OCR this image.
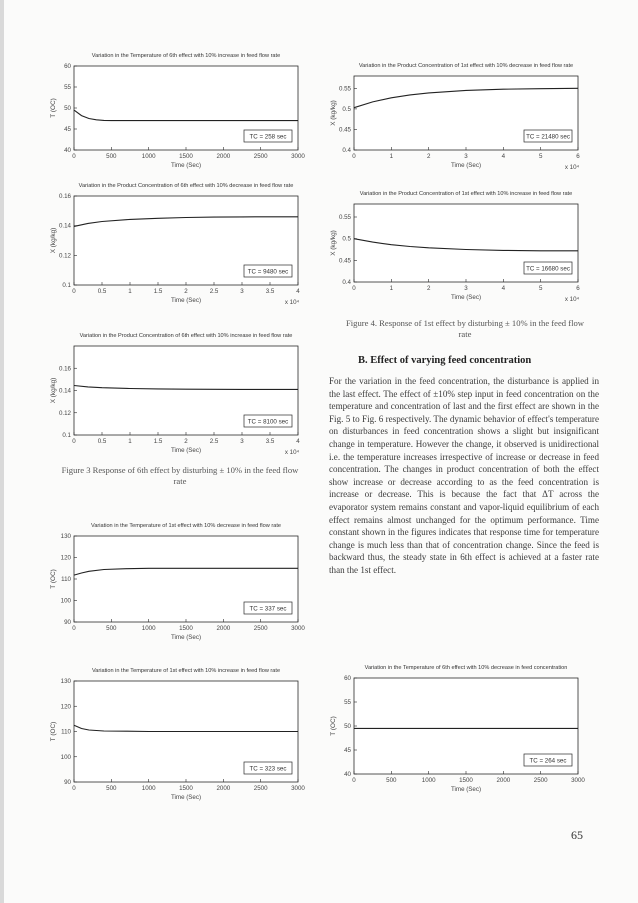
Variation in the Temperature of 6th effect with 10% increase in feed flow rate
0	500	1000	1500	2000	2500	3000
40
45
50
55
60
Time (Sec)
T (OC)
TC = 258 sec
Variation in the Product Concentration of 6th effect with 10% decrease in feed flow rate
0	0.5	1	1.5	2	2.5	3	3.5	4
0.1
0.12
0.14
0.16
Time (Sec)
X (kg/kg)
x 10⁴
TC = 9480 sec
Variation in the Product Concentration of 6th effect with 10% increase in feed flow rate
0	0.5	1	1.5	2	2.5	3	3.5	4
0.1
0.12
0.14
0.16
Time (Sec)
X (kg/kg)
x 10⁴
TC = 8100 sec
Figure 3 Response of 6th effect by disturbing ± 10% in the feed flow rate
Variation in the Temperature of 1st effect with 10% decrease in feed flow rate
0	500	1000	1500	2000	2500	3000
90
100
110
120
130
Time (Sec)
T (OC)
TC = 337 sec
Variation in the Temperature of 1st effect with 10% increase in feed flow rate
0	500	1000	1500	2000	2500	3000
90
100
110
120
130
Time (Sec)
T (OC)
TC = 323 sec
Variation in the Product Concentration of 1st effect with 10% decrease in feed flow rate
0	1	2	3	4	5	6
0.4
0.45
0.5
0.55
Time (Sec)
X (kg/kg)
x 10⁴
TC = 21480 sec
Variation in the Product Concentration of 1st effect with 10% increase in feed flow rate
0	1	2	3	4	5	6
0.4
0.45
0.5
0.55
Time (Sec)
X (kg/kg)
x 10⁴
TC = 16680 sec
Figure 4. Response of 1st effect by disturbing ± 10% in the feed flow rate
B. Effect of varying feed concentration
For the variation in the feed concentration, the disturbance is applied in the last effect. The effect of ±10% step input in feed concentration on the temperature and concentration of last and the first effect are shown in the Fig. 5 to Fig. 6 respectively. The dynamic behavior of effect's temperature on disturbances in feed concentration shows a slight but insignificant change in temperature. However the change, it observed is unidirectional i.e. the temperature increases irrespective of increase or decrease in feed concentration. The changes in product concentration of both the effect show increase or decrease according to as the feed concentration is increase or decrease. This is because the fact that ΔT across the evaporator system remains constant and vapor-liquid equilibrium of each effect remains almost unchanged for the optimum performance. Time constant shown in the figures indicates that response time for temperature change is much less than that of concentration change. Since the feed is backward thus, the steady state in 6th effect is achieved at a faster rate than the 1st effect.
Variation in the Temperature of 6th effect with 10% decrease in feed concentration
0	500	1000	1500	2000	2500	3000
40
45
50
55
60
Time (Sec)
T (OC)
TC = 264 sec
65
